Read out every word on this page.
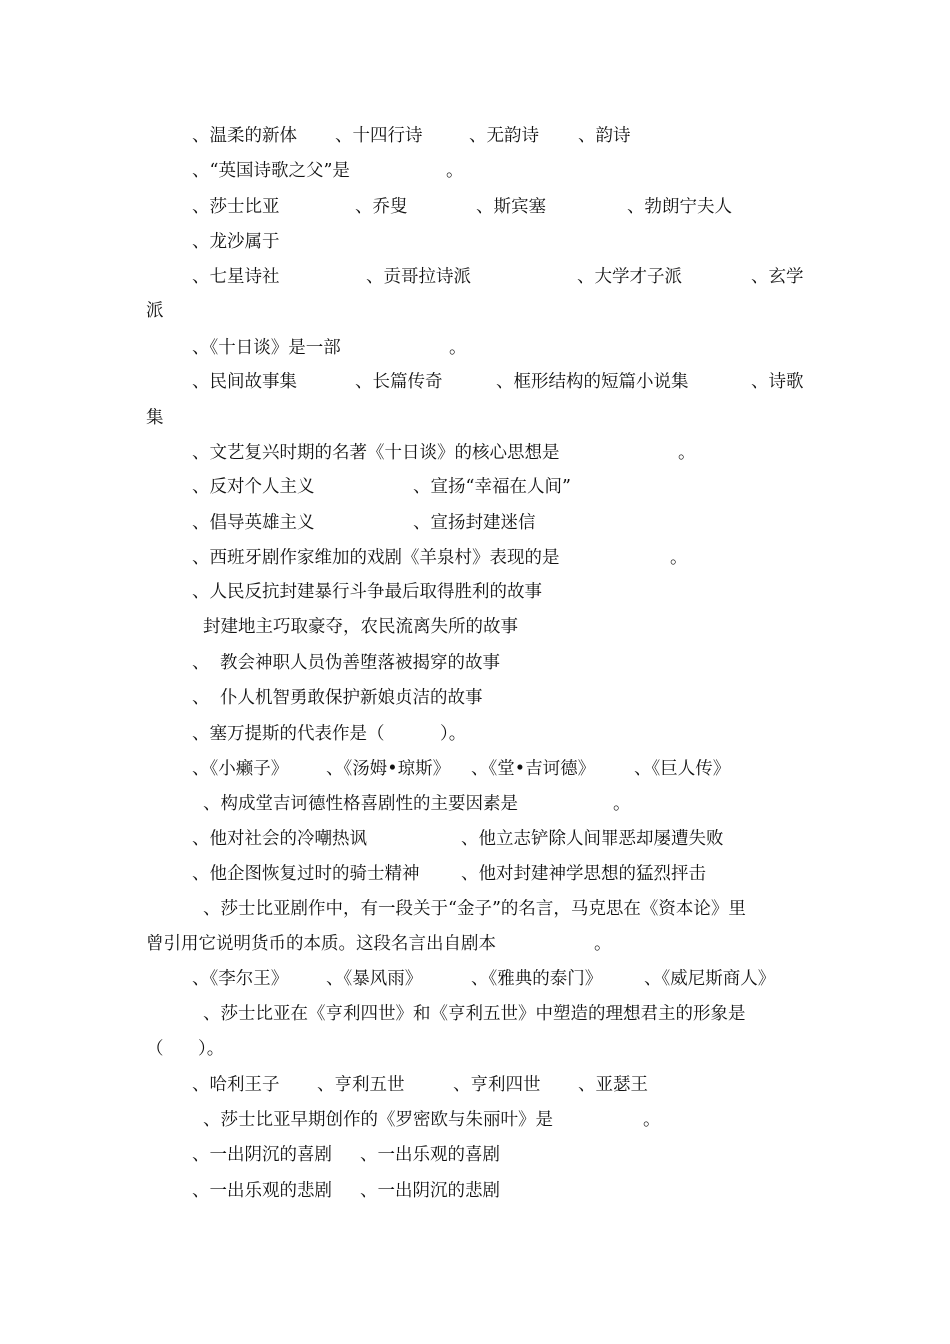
、温柔的新体 、十四行诗	、无韵诗 、韵诗
、“英国诗歌之父”是	。
、莎士比亚	、乔叟	、斯宾塞	、勃朗宁夫人
、龙沙属于
、七星诗社	、贡哥拉诗派	、大学才子派	、玄学
派
、《十日谈》是一部	。
、民间故事集	、长篇传奇	、框形结构的短篇小说集	、诗歌
集
、文艺复兴时期的名著《十日谈》的核心思想是	。
、反对个人主义	、宣扬“幸福在人间”
、倡导英雄主义	、宣扬封建迷信
、西班牙剧作家维加的戏剧《羊泉村》表现的是	。
、人民反抗封建暴行斗争最后取得胜利的故事
封建地主巧取豪夺，农民流离失所的故事
、 教会神职人员伪善堕落被揭穿的故事
、 仆人机智勇敢保护新娘贞洁的故事
、塞万提斯的代表作是（	）。
、《小癞子》 、《汤姆•琼斯》 、《堂•吉诃德》 、《巨人传》
、构成堂吉诃德性格喜剧性的主要因素是	。
、他对社会的冷嘲热讽	、他立志铲除人间罪恶却屡遭失败
、他企图恢复过时的骑士精神 、他对封建神学思想的猛烈抨击
、莎士比亚剧作中，有一段关于“金子”的名言，马克思在《资本论》里
曾引用它说明货币的本质。这段名言出自剧本	。
、《李尔王》 、《暴风雨》	、《雅典的泰门》 、《威尼斯商人》
、莎士比亚在《亨利四世》和《亨利五世》中塑造的理想君主的形象是
（ ）。
、哈利王子 、亨利五世	、亨利四世 、亚瑟王
、莎士比亚早期创作的《罗密欧与朱丽叶》是	。
、一出阴沉的喜剧 、一出乐观的喜剧
、一出乐观的悲剧 、一出阴沉的悲剧
